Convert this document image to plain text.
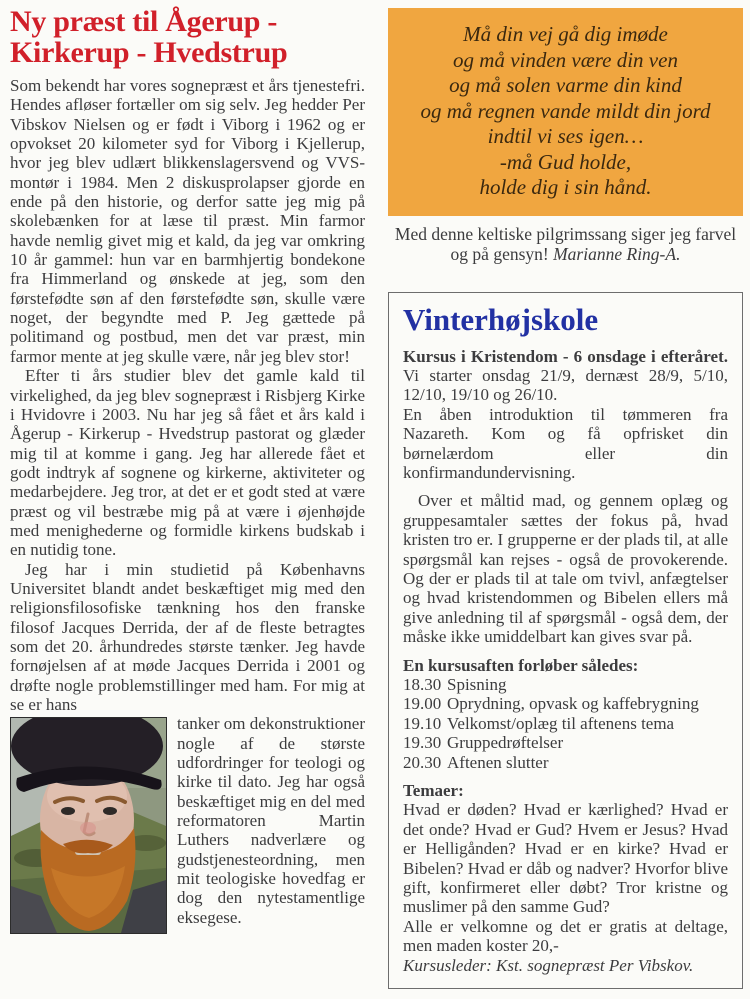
Ny præst til Ågerup -
Kirkerup - Hvedstrup

Som bekendt har vores sognepræst et års tjenestefri. Hendes afløser fortæller om sig selv. Jeg hedder Per Vibskov Nielsen og er født i Viborg i 1962 og er opvokset 20 kilometer syd for Viborg i Kjellerup, hvor jeg blev udlært blikkenslagersvend og VVS- montør i 1984. Men 2 diskusprolapser gjorde en ende på den historie, og derfor satte jeg mig på skolebænken for at læse til præst. Min farmor havde nemlig givet mig et kald, da jeg var omkring 10 år gammel: hun var en barmhjertig bondekone fra Himmerland og ønskede at jeg, som den førstefødte søn af den førstefødte søn, skulle være noget, der begyndte med P. Jeg gættede på politimand og postbud, men det var præst, min farmor mente at jeg skulle være, når jeg blev stor!

Efter ti års studier blev det gamle kald til virkelighed, da jeg blev sognepræst i Risbjerg Kirke i Hvidovre i 2003. Nu har jeg så fået et års kald i Ågerup - Kirkerup - Hvedstrup pastorat og glæder mig til at komme i gang. Jeg har allerede fået et godt indtryk af sognene og kirkerne, aktiviteter og medarbejdere. Jeg tror, at det er et godt sted at være præst og vil bestræbe mig på at være i øjenhøjde med menighederne og formidle kirkens budskab i en nutidig tone.

Jeg har i min studietid på Københavns Universitet blandt andet beskæftiget mig med den religionsfilosofiske tænkning hos den franske filosof Jacques Derrida, der af de fleste betragtes som det 20. århundredes største tænker. Jeg havde fornøjelsen af at møde Jacques Derrida i 2001 og drøfte nogle problemstillinger med ham. For mig at se er hans

tanker om dekonstruktioner nogle af de største udfordringer for teologi og kirke til dato. Jeg har også beskæftiget mig en del med reformatoren Martin Luthers nadverlære og gudstjenesteordning, men mit teologiske hovedfag er dog den nytestamentlige eksegese.

Må din vej gå dig imøde
og må vinden være din ven
og må solen varme din kind
og må regnen vande mildt din jord
indtil vi ses igen…
-må Gud holde,
holde dig i sin hånd.
Med denne keltiske pilgrimssang siger jeg farvel og på gensyn! Marianne Ring-A.
Vinterhøjskole

Kursus i Kristendom - 6 onsdage i efteråret. Vi starter onsdag 21/9, dernæst 28/9, 5/10, 12/10, 19/10 og 26/10.

En åben introduktion til tømmeren fra Nazareth. Kom og få opfrisket din børnelærdom eller din konfirmandundervisning.

Over et måltid mad, og gennem oplæg og gruppesamtaler sættes der fokus på, hvad kristen tro er. I grupperne er der plads til, at alle spørgsmål kan rejses - også de provokerende. Og der er plads til at tale om tvivl, anfægtelser og hvad kristendommen og Bibelen ellers må give anledning til af spørgsmål - også dem, der måske ikke umiddelbart kan gives svar på.

En kursusaften forløber således:

18.30 Spisning
19.00 Oprydning, opvask og kaffebrygning
19.10 Velkomst/oplæg til aftenens tema
19.30 Gruppedrøftelser
20.30 Aftenen slutter

Temaer:

Hvad er døden? Hvad er kærlighed? Hvad er det onde? Hvad er Gud? Hvem er Jesus? Hvad er Helligånden? Hvad er en kirke? Hvad er Bibelen? Hvad er dåb og nadver? Hvorfor blive gift, konfirmeret eller døbt? Tror kristne og muslimer på den samme Gud?

Alle er velkomne og det er gratis at deltage, men maden koster 20,-

Kursusleder: Kst. sognepræst Per Vibskov.
